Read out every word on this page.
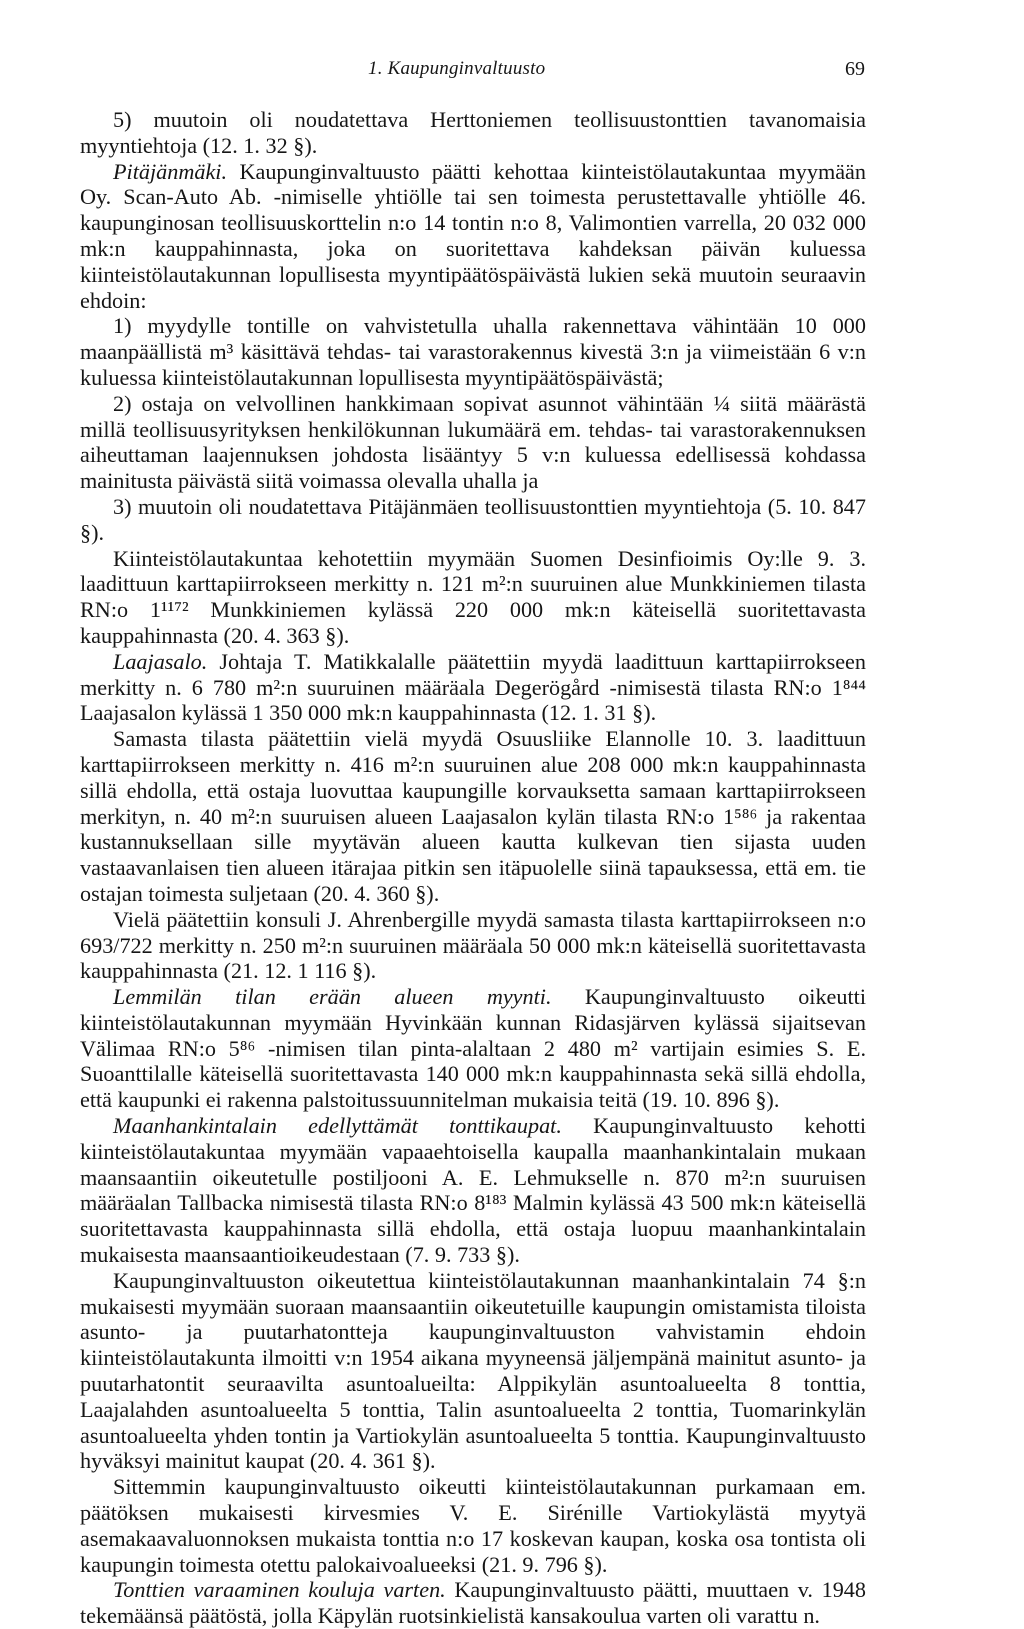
1. Kaupunginvaltuusto	69

5) muutoin oli noudatettava Herttoniemen teollisuustonttien tavanomaisia myyntiehtoja (12. 1. 32 §).

Pitäjänmäki. Kaupunginvaltuusto päätti kehottaa kiinteistölautakuntaa myymään Oy. Scan-Auto Ab. -nimiselle yhtiölle tai sen toimesta perustettavalle yhtiölle 46. kaupunginosan teollisuuskorttelin n:o 14 tontin n:o 8, Valimontien varrella, 20 032 000 mk:n kauppahinnasta, joka on suoritettava kahdeksan päivän kuluessa kiinteistölautakunnan lopullisesta myyntipäätöspäivästä lukien sekä muutoin seuraavin ehdoin:

1) myydylle tontille on vahvistetulla uhalla rakennettava vähintään 10 000 maanpäällistä m³ käsittävä tehdas- tai varastorakennus kivestä 3:n ja viimeistään 6 v:n kuluessa kiinteistölautakunnan lopullisesta myyntipäätöspäivästä;

2) ostaja on velvollinen hankkimaan sopivat asunnot vähintään ¼ siitä määrästä millä teollisuusyrityksen henkilökunnan lukumäärä em. tehdas- tai varastorakennuksen aiheuttaman laajennuksen johdosta lisääntyy 5 v:n kuluessa edellisessä kohdassa mainitusta päivästä siitä voimassa olevalla uhalla ja

3) muutoin oli noudatettava Pitäjänmäen teollisuustonttien myyntiehtoja (5. 10. 847 §).

Kiinteistölautakuntaa kehotettiin myymään Suomen Desinfioimis Oy:lle 9. 3. laadittuun karttapiirrokseen merkitty n. 121 m²:n suuruinen alue Munkkiniemen tilasta RN:o 1¹¹⁷² Munkkiniemen kylässä 220 000 mk:n käteisellä suoritettavasta kauppahinnasta (20. 4. 363 §).

Laajasalo. Johtaja T. Matikkalalle päätettiin myydä laadittuun karttapiirrokseen merkitty n. 6 780 m²:n suuruinen määräala Degerögård -nimisestä tilasta RN:o 1⁸⁴⁴ Laajasalon kylässä 1 350 000 mk:n kauppahinnasta (12. 1. 31 §).

Samasta tilasta päätettiin vielä myydä Osuusliike Elannolle 10. 3. laadittuun karttapiirrokseen merkitty n. 416 m²:n suuruinen alue 208 000 mk:n kauppahinnasta sillä ehdolla, että ostaja luovuttaa kaupungille korvauksetta samaan karttapiirrokseen merkityn, n. 40 m²:n suuruisen alueen Laajasalon kylän tilasta RN:o 1⁵⁸⁶ ja rakentaa kustannuksellaan sille myytävän alueen kautta kulkevan tien sijasta uuden vastaavanlaisen tien alueen itärajaa pitkin sen itäpuolelle siinä tapauksessa, että em. tie ostajan toimesta suljetaan (20. 4. 360 §).

Vielä päätettiin konsuli J. Ahrenbergille myydä samasta tilasta karttapiirrokseen n:o 693/722 merkitty n. 250 m²:n suuruinen määräala 50 000 mk:n käteisellä suoritettavasta kauppahinnasta (21. 12. 1 116 §).

Lemmilän tilan erään alueen myynti. Kaupunginvaltuusto oikeutti kiinteistölautakunnan myymään Hyvinkään kunnan Ridasjärven kylässä sijaitsevan Välimaa RN:o 5⁸⁶ -nimisen tilan pinta-alaltaan 2 480 m² vartijain esimies S. E. Suoanttilalle käteisellä suoritettavasta 140 000 mk:n kauppahinnasta sekä sillä ehdolla, että kaupunki ei rakenna palstoitussuunnitelman mukaisia teitä (19. 10. 896 §).

Maanhankintalain edellyttämät tonttikaupat. Kaupunginvaltuusto kehotti kiinteistölautakuntaa myymään vapaaehtoisella kaupalla maanhankintalain mukaan maansaantiin oikeutetulle postiljooni A. E. Lehmukselle n. 870 m²:n suuruisen määräalan Tallbacka nimisestä tilasta RN:o 8¹⁸³ Malmin kylässä 43 500 mk:n käteisellä suoritettavasta kauppahinnasta sillä ehdolla, että ostaja luopuu maanhankintalain mukaisesta maansaantioikeudestaan (7. 9. 733 §).

Kaupunginvaltuuston oikeutettua kiinteistölautakunnan maanhankintalain 74 §:n mukaisesti myymään suoraan maansaantiin oikeutetuille kaupungin omistamista tiloista asunto- ja puutarhatontteja kaupunginvaltuuston vahvistamin ehdoin kiinteistölautakunta ilmoitti v:n 1954 aikana myyneensä jäljempänä mainitut asunto- ja puutarhatontit seuraavilta asuntoalueilta: Alppikylän asuntoalueelta 8 tonttia, Laajalahden asuntoalueelta 5 tonttia, Talin asuntoalueelta 2 tonttia, Tuomarinkylän asuntoalueelta yhden tontin ja Vartiokylän asuntoalueelta 5 tonttia. Kaupunginvaltuusto hyväksyi mainitut kaupat (20. 4. 361 §).

Sittemmin kaupunginvaltuusto oikeutti kiinteistölautakunnan purkamaan em. päätöksen mukaisesti kirvesmies V. E. Sirénille Vartiokylästä myytyä asemakaavaluonnoksen mukaista tonttia n:o 17 koskevan kaupan, koska osa tontista oli kaupungin toimesta otettu palokaivoalueeksi (21. 9. 796 §).

Tonttien varaaminen kouluja varten. Kaupunginvaltuusto päätti, muuttaen v. 1948 tekemäänsä päätöstä, jolla Käpylän ruotsinkielistä kansakoulua varten oli varattu n.
